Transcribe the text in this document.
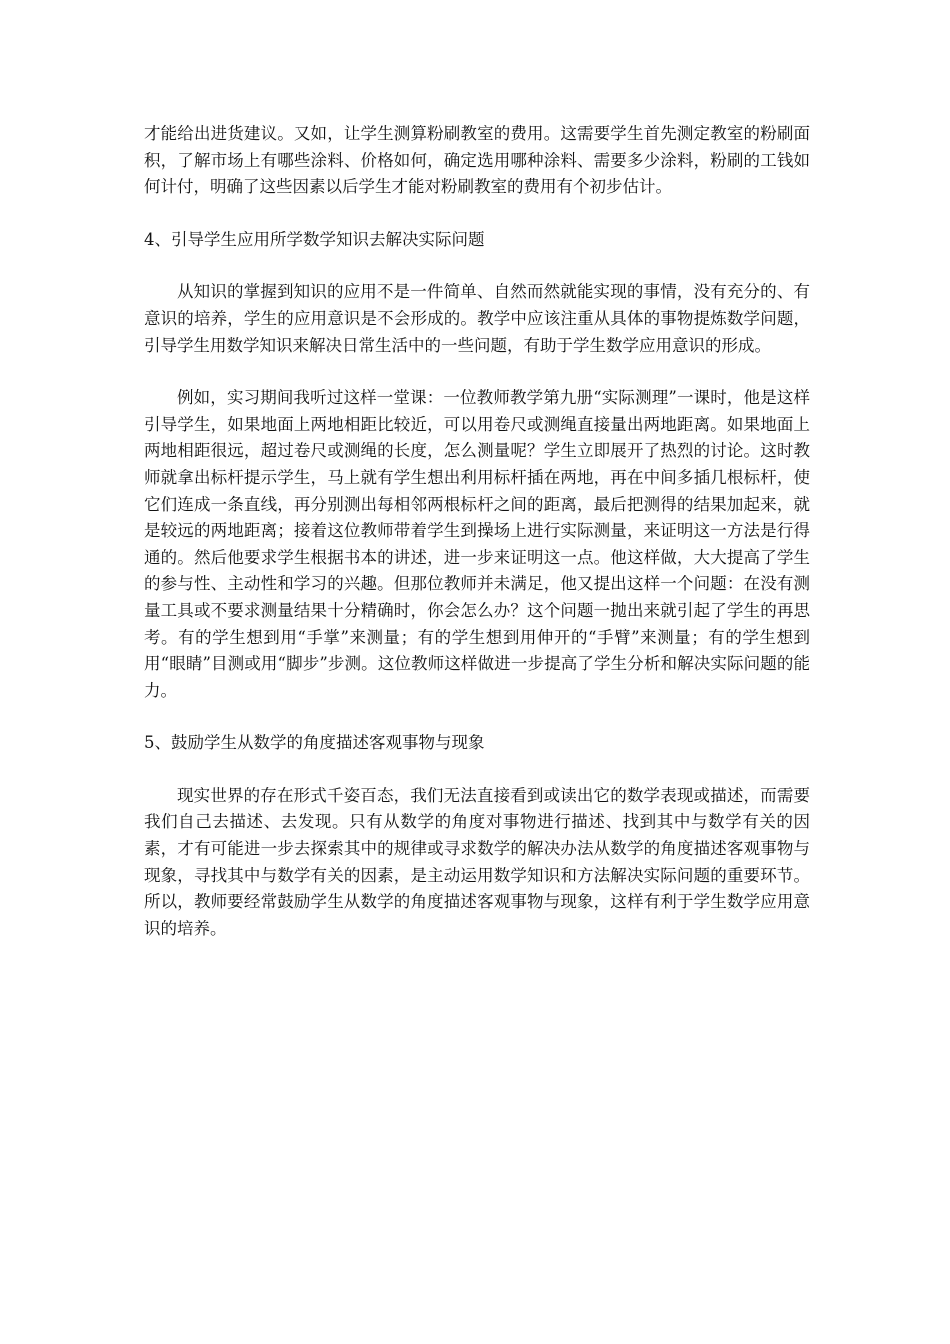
才能给出进货建议。又如，让学生测算粉刷教室的费用。这需要学生首先测定教室的粉刷面积，了解市场上有哪些涂料、价格如何，确定选用哪种涂料、需要多少涂料，粉刷的工钱如何计付，明确了这些因素以后学生才能对粉刷教室的费用有个初步估计。

4、引导学生应用所学数学知识去解决实际问题

从知识的掌握到知识的应用不是一件简单、自然而然就能实现的事情，没有充分的、有意识的培养，学生的应用意识是不会形成的。教学中应该注重从具体的事物提炼数学问题，引导学生用数学知识来解决日常生活中的一些问题，有助于学生数学应用意识的形成。

例如，实习期间我听过这样一堂课：一位教师教学第九册“实际测理”一课时，他是这样引导学生，如果地面上两地相距比较近，可以用卷尺或测绳直接量出两地距离。如果地面上两地相距很远，超过卷尺或测绳的长度，怎么测量呢？学生立即展开了热烈的讨论。这时教师就拿出标杆提示学生，马上就有学生想出利用标杆插在两地，再在中间多插几根标杆，使它们连成一条直线，再分别测出每相邻两根标杆之间的距离，最后把测得的结果加起来，就是较远的两地距离；接着这位教师带着学生到操场上进行实际测量，来证明这一方法是行得通的。然后他要求学生根据书本的讲述，进一步来证明这一点。他这样做，大大提高了学生的参与性、主动性和学习的兴趣。但那位教师并未满足，他又提出这样一个问题：在没有测量工具或不要求测量结果十分精确时，你会怎么办？这个问题一抛出来就引起了学生的再思考。有的学生想到用“手掌”来测量；有的学生想到用伸开的“手臂”来测量；有的学生想到用“眼睛”目测或用“脚步”步测。这位教师这样做进一步提高了学生分析和解决实际问题的能力。

5、鼓励学生从数学的角度描述客观事物与现象

现实世界的存在形式千姿百态，我们无法直接看到或读出它的数学表现或描述，而需要我们自己去描述、去发现。只有从数学的角度对事物进行描述、找到其中与数学有关的因素，才有可能进一步去探索其中的规律或寻求数学的解决办法从数学的角度描述客观事物与现象，寻找其中与数学有关的因素，是主动运用数学知识和方法解决实际问题的重要环节。所以，教师要经常鼓励学生从数学的角度描述客观事物与现象，这样有利于学生数学应用意识的培养。
